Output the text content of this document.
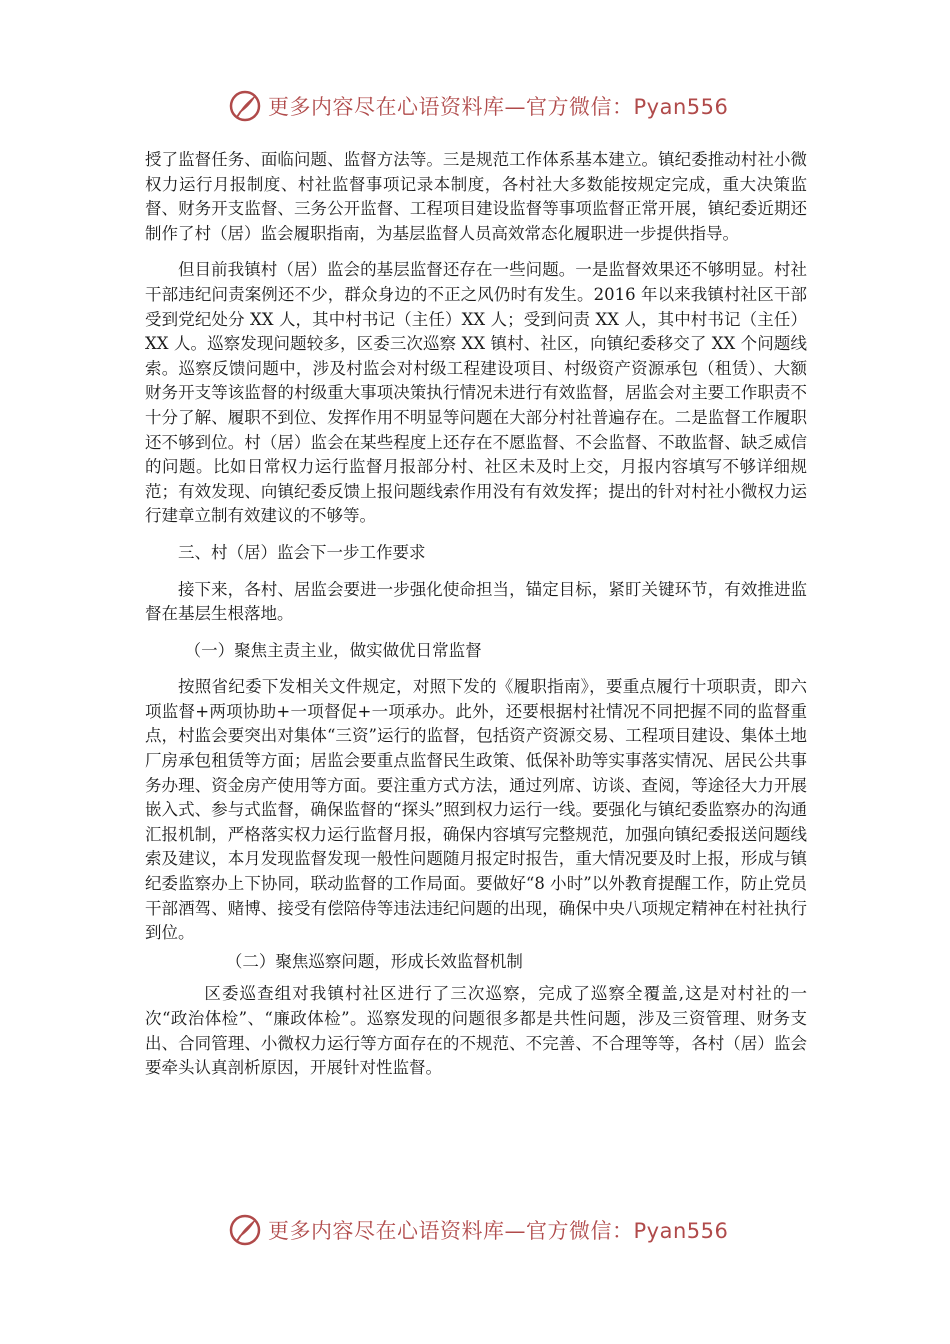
更多内容尽在心语资料库—官方微信：Pyan556

授了监督任务、面临问题、监督方法等。三是规范工作体系基本建立。镇纪委推动村社小微权力运行月报制度、村社监督事项记录本制度，各村社大多数能按规定完成，重大决策监督、财务开支监督、三务公开监督、工程项目建设监督等事项监督正常开展，镇纪委近期还制作了村（居）监会履职指南，为基层监督人员高效常态化履职进一步提供指导。

但目前我镇村（居）监会的基层监督还存在一些问题。一是监督效果还不够明显。村社干部违纪问责案例还不少，群众身边的不正之风仍时有发生。2016 年以来我镇村社区干部受到党纪处分 XX 人，其中村书记（主任）XX 人；受到问责 XX 人，其中村书记（主任）XX 人。巡察发现问题较多，区委三次巡察 XX 镇村、社区，向镇纪委移交了 XX 个问题线索。巡察反馈问题中，涉及村监会对村级工程建设项目、村级资产资源承包（租赁）、大额财务开支等该监督的村级重大事项决策执行情况未进行有效监督，居监会对主要工作职责不十分了解、履职不到位、发挥作用不明显等问题在大部分村社普遍存在。二是监督工作履职还不够到位。村（居）监会在某些程度上还存在不愿监督、不会监督、不敢监督、缺乏威信的问题。比如日常权力运行监督月报部分村、社区未及时上交，月报内容填写不够详细规范；有效发现、向镇纪委反馈上报问题线索作用没有有效发挥；提出的针对村社小微权力运行建章立制有效建议的不够等。

三、村（居）监会下一步工作要求

接下来，各村、居监会要进一步强化使命担当，锚定目标，紧盯关键环节，有效推进监督在基层生根落地。

（一）聚焦主责主业，做实做优日常监督

按照省纪委下发相关文件规定，对照下发的《履职指南》，要重点履行十项职责，即六项监督+两项协助+一项督促+一项承办。此外，还要根据村社情况不同把握不同的监督重点，村监会要突出对集体“三资”运行的监督，包括资产资源交易、工程项目建设、集体土地厂房承包租赁等方面；居监会要重点监督民生政策、低保补助等实事落实情况、居民公共事务办理、资金房产使用等方面。要注重方式方法，通过列席、访谈、查阅，等途径大力开展嵌入式、参与式监督，确保监督的“探头”照到权力运行一线。要强化与镇纪委监察办的沟通汇报机制，严格落实权力运行监督月报，确保内容填写完整规范，加强向镇纪委报送问题线索及建议，本月发现监督发现一般性问题随月报定时报告，重大情况要及时上报，形成与镇纪委监察办上下协同，联动监督的工作局面。要做好“8 小时”以外教育提醒工作，防止党员干部酒驾、赌博、接受有偿陪侍等违法违纪问题的出现，确保中央八项规定精神在村社执行到位。

（二）聚焦巡察问题，形成长效监督机制

区委巡查组对我镇村社区进行了三次巡察，完成了巡察全覆盖,这是对村社的一次“政治体检”、“廉政体检”。巡察发现的问题很多都是共性问题，涉及三资管理、财务支出、合同管理、小微权力运行等方面存在的不规范、不完善、不合理等等，各村（居）监会要牵头认真剖析原因，开展针对性监督。

更多内容尽在心语资料库—官方微信：Pyan556
